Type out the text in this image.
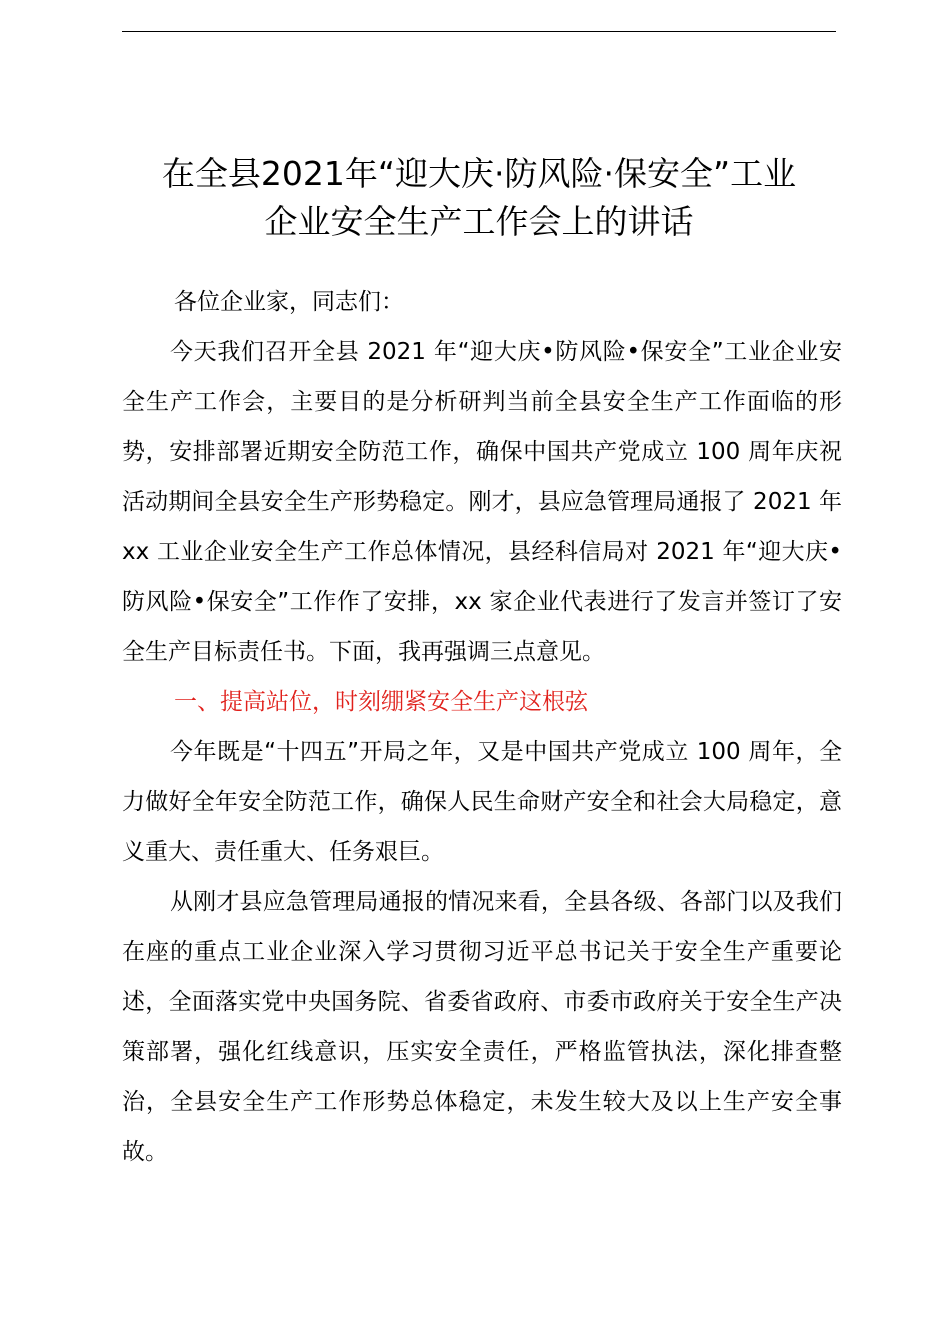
在全县2021年“迎大庆·防风险·保安全”工业
企业安全生产工作会上的讲话

各位企业家，同志们：

今天我们召开全县 2021 年“迎大庆•防风险•保安全”工业企业安全生产工作会，主要目的是分析研判当前全县安全生产工作面临的形势，安排部署近期安全防范工作，确保中国共产党成立 100 周年庆祝活动期间全县安全生产形势稳定。刚才，县应急管理局通报了 2021 年 xx 工业企业安全生产工作总体情况，县经科信局对 2021 年“迎大庆•防风险•保安全”工作作了安排，xx 家企业代表进行了发言并签订了安全生产目标责任书。下面，我再强调三点意见。

一、提高站位，时刻绷紧安全生产这根弦

今年既是“十四五”开局之年，又是中国共产党成立 100 周年，全力做好全年安全防范工作，确保人民生命财产安全和社会大局稳定，意义重大、责任重大、任务艰巨。

从刚才县应急管理局通报的情况来看，全县各级、各部门以及我们在座的重点工业企业深入学习贯彻习近平总书记关于安全生产重要论述，全面落实党中央国务院、省委省政府、市委市政府关于安全生产决策部署，强化红线意识，压实安全责任，严格监管执法，深化排查整治，全县安全生产工作形势总体稳定，未发生较大及以上生产安全事故。
